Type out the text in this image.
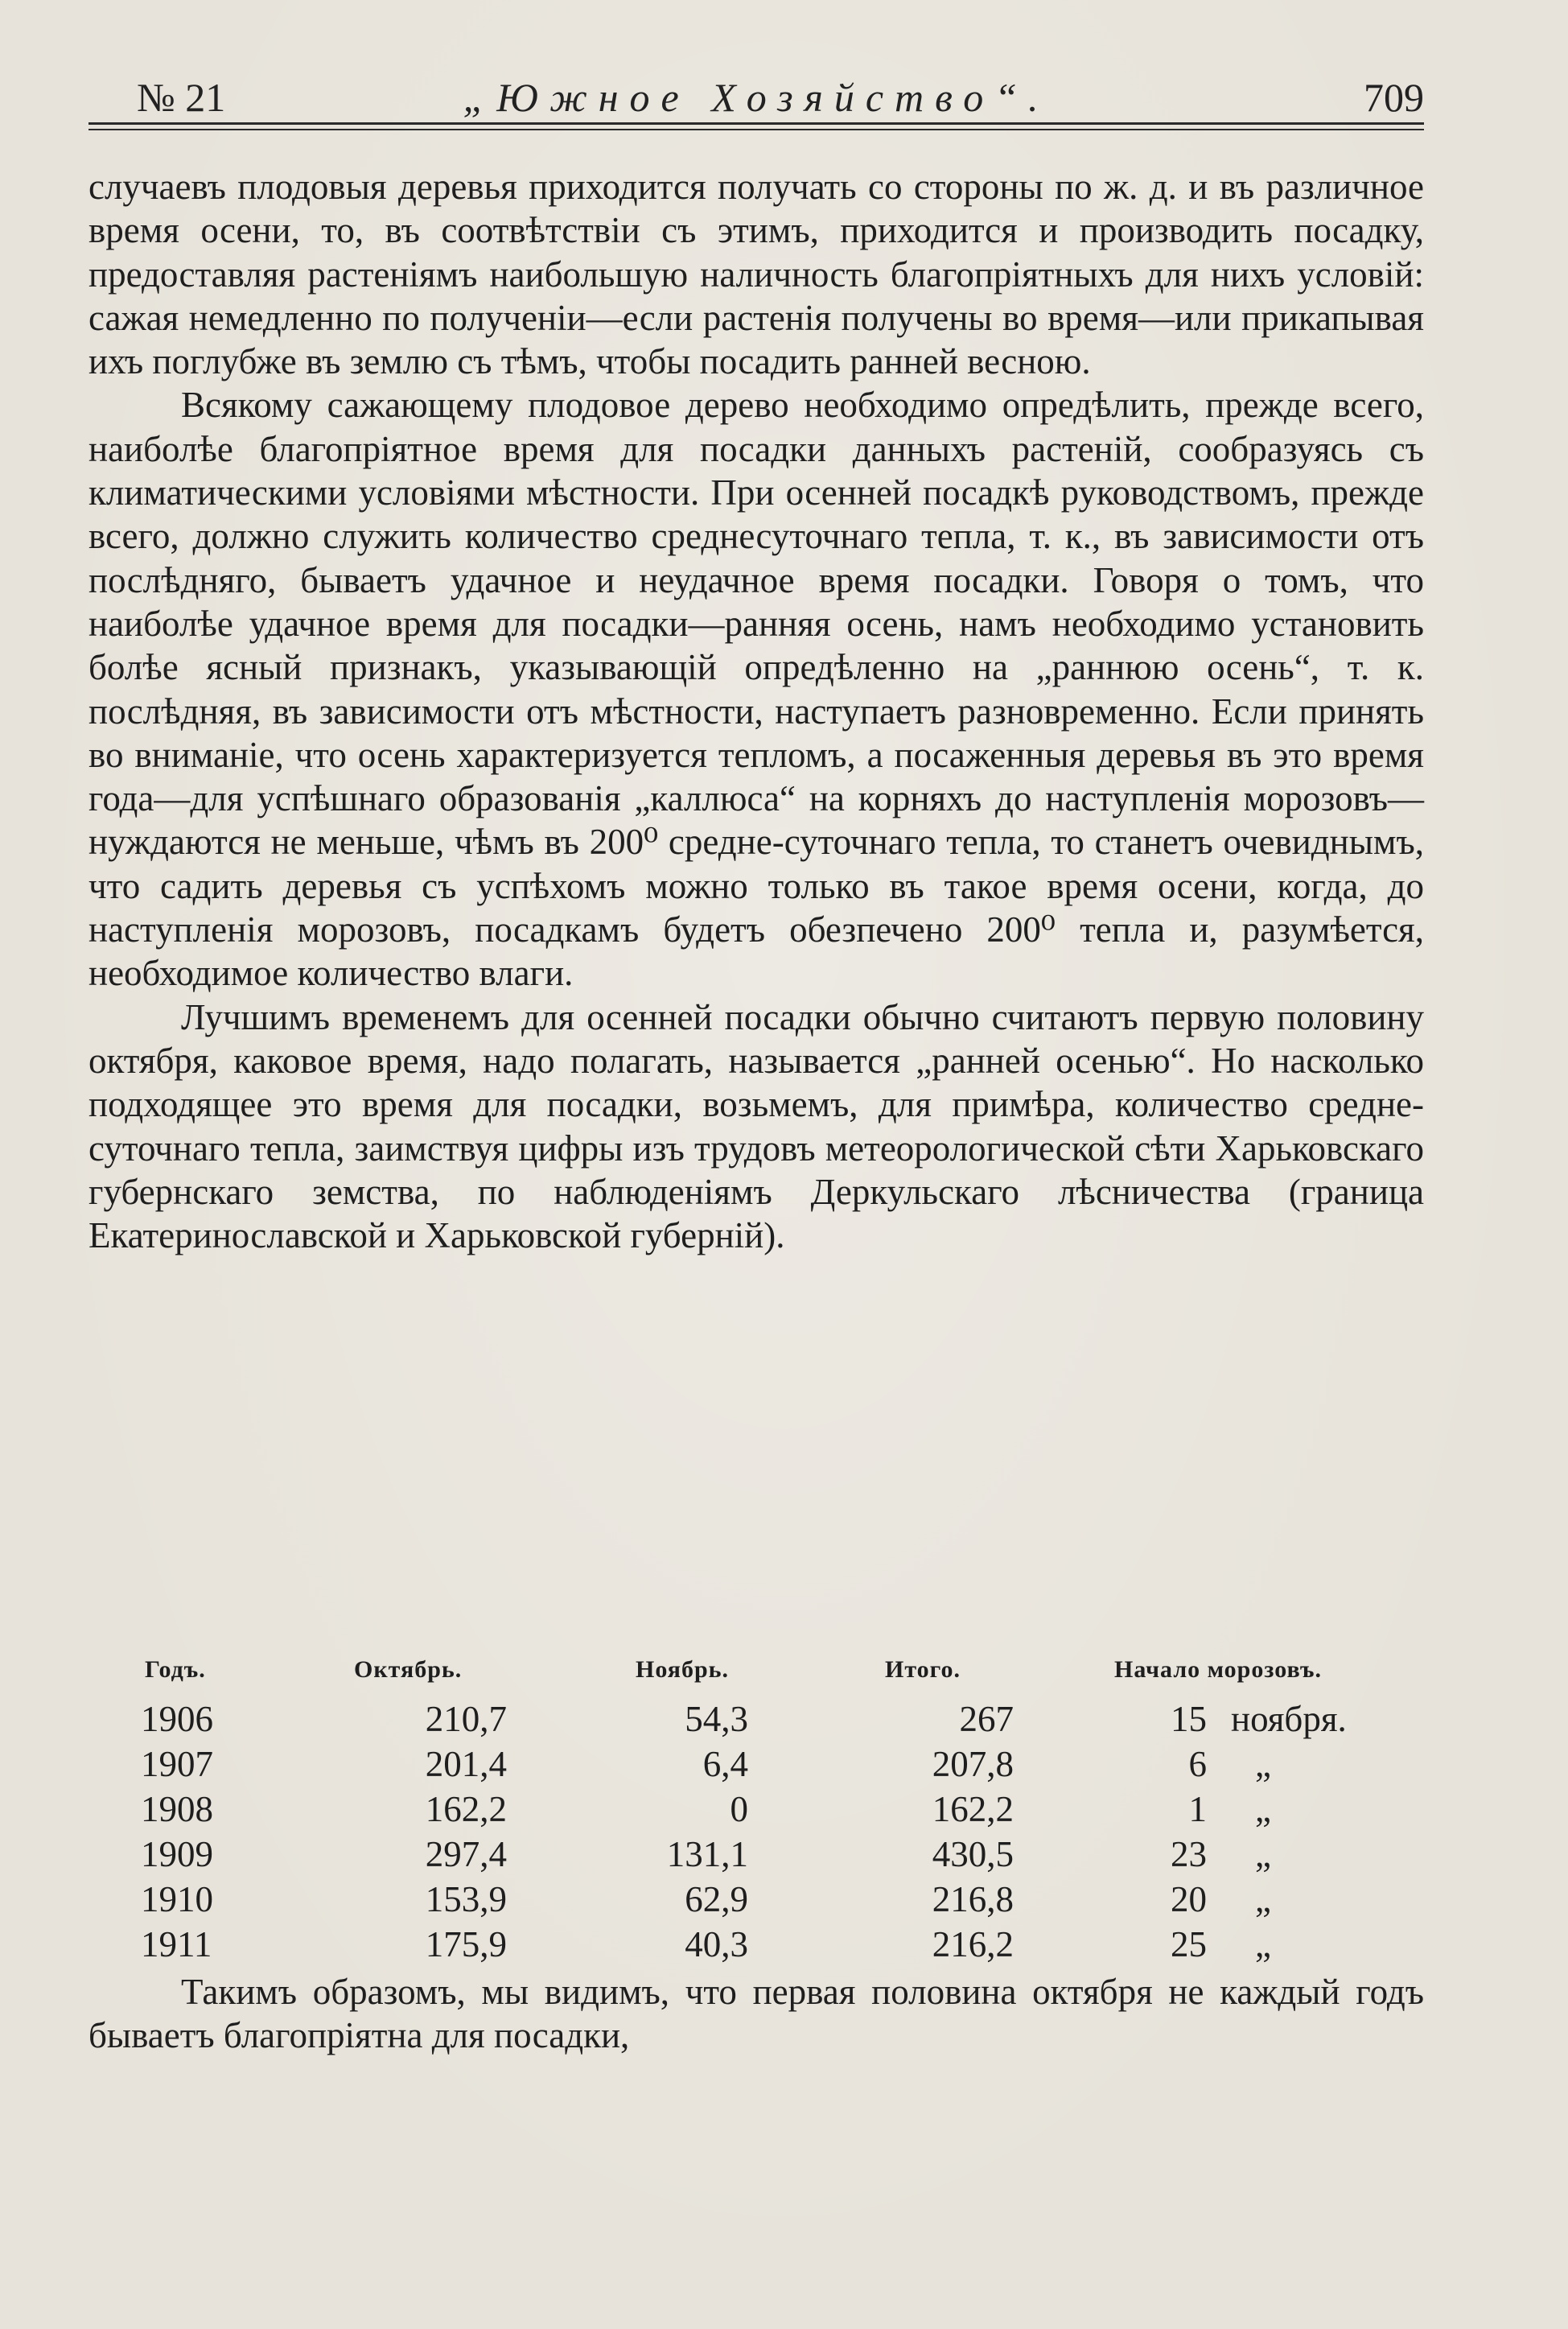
№ 21	„Южное Хозяйство“.	709

случаевъ плодовыя деревья приходится получать со стороны по ж. д. и въ различное время осени, то, въ соотвѣтствіи съ этимъ, приходится и производить посадку, предоставляя растеніямъ наибольшую наличность благопріятныхъ для нихъ условій: сажая немедленно по полученіи—если растенія получены во время—или прикапывая ихъ поглубже въ землю съ тѣмъ, чтобы посадить ранней весною.

Всякому сажающему плодовое дерево необходимо опредѣлить, прежде всего, наиболѣе благопріятное время для посадки данныхъ растеній, сообразуясь съ климатическими условіями мѣстности. При осенней посадкѣ руководствомъ, прежде всего, должно служить количество среднесуточнаго тепла, т. к., въ зависимости отъ послѣдняго, бываетъ удачное и неудачное время посадки. Говоря о томъ, что наиболѣе удачное время для посадки—ранняя осень, намъ необходимо установить болѣе ясный признакъ, указывающій опредѣленно на „раннюю осень“, т. к. послѣдняя, въ зависимости отъ мѣстности, наступаетъ разновременно. Если принять во вниманіе, что осень характеризуется тепломъ, а посаженныя деревья въ это время года—для успѣшнаго образованія „каллюса“ на корняхъ до наступленія морозовъ—нуждаются не меньше, чѣмъ въ 200⁰ средне-суточнаго тепла, то станетъ очевиднымъ, что садить деревья съ успѣхомъ можно только въ такое время осени, когда, до наступленія морозовъ, посадкамъ будетъ обезпечено 200⁰ тепла и, разумѣется, необходимое количество влаги.

Лучшимъ временемъ для осенней посадки обычно считаютъ первую половину октября, каковое время, надо полагать, называется „ранней осенью“. Но насколько подходящее это время для посадки, возьмемъ, для примѣра, количество средне-суточнаго тепла, заимствуя цифры изъ трудовъ метеорологической сѣти Харьковскаго губернскаго земства, по наблюденіямъ Деркульскаго лѣсничества (граница Екатеринославской и Харьковской губерній).

Годъ.	Октябрь.	Ноябрь.	Итого.	Начало морозовъ.
1906	210,7	54,3	267	15 ноября.
1907	201,4	6,4	207,8	6 „
1908	162,2	0	162,2	1 „
1909	297,4	131,1	430,5	23 „
1910	153,9	62,9	216,8	20 „
1911	175,9	40,3	216,2	25 „

Такимъ образомъ, мы видимъ, что первая половина октября не каждый годъ бываетъ благопріятна для посадки,
